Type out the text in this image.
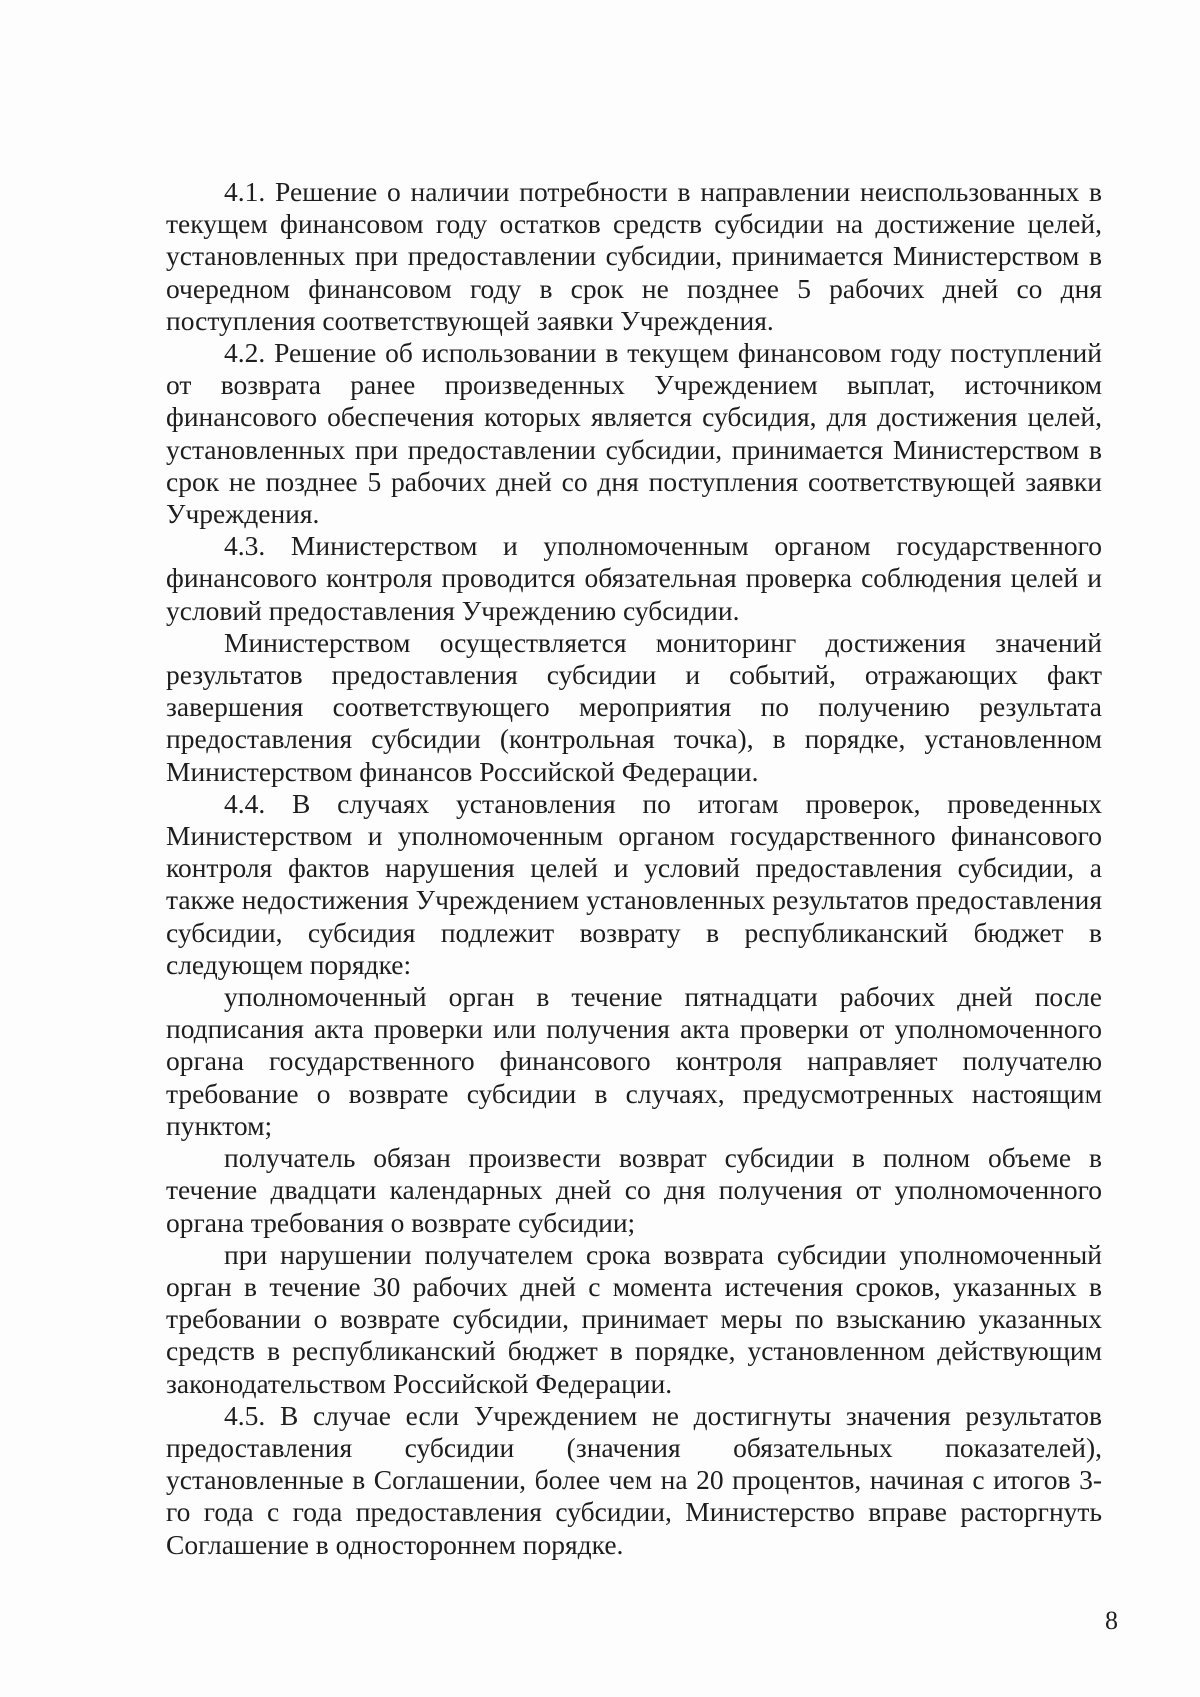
4.1. Решение о наличии потребности в направлении неиспользованных в текущем финансовом году остатков средств субсидии на достижение целей, установленных при предоставлении субсидии, принимается Министерством в очередном финансовом году в срок не позднее 5 рабочих дней со дня поступления соответствующей заявки Учреждения.

4.2. Решение об использовании в текущем финансовом году поступлений от возврата ранее произведенных Учреждением выплат, источником финансового обеспечения которых является субсидия, для достижения целей, установленных при предоставлении субсидии, принимается Министерством в срок не позднее 5 рабочих дней со дня поступления соответствующей заявки Учреждения.

4.3. Министерством и уполномоченным органом государственного финансового контроля проводится обязательная проверка соблюдения целей и условий предоставления Учреждению субсидии.

Министерством осуществляется мониторинг достижения значений результатов предоставления субсидии и событий, отражающих факт завершения соответствующего мероприятия по получению результата предоставления субсидии (контрольная точка), в порядке, установленном Министерством финансов Российской Федерации.

4.4. В случаях установления по итогам проверок, проведенных Министерством и уполномоченным органом государственного финансового контроля фактов нарушения целей и условий предоставления субсидии, а также недостижения Учреждением установленных результатов предоставления субсидии, субсидия подлежит возврату в республиканский бюджет в следующем порядке:

уполномоченный орган в течение пятнадцати рабочих дней после подписания акта проверки или получения акта проверки от уполномоченного органа государственного финансового контроля направляет получателю требование о возврате субсидии в случаях, предусмотренных настоящим пунктом;

получатель обязан произвести возврат субсидии в полном объеме в течение двадцати календарных дней со дня получения от уполномоченного органа требования о возврате субсидии;

при нарушении получателем срока возврата субсидии уполномоченный орган в течение 30 рабочих дней с момента истечения сроков, указанных в требовании о возврате субсидии, принимает меры по взысканию указанных средств в республиканский бюджет в порядке, установленном действующим законодательством Российской Федерации.

4.5. В случае если Учреждением не достигнуты значения результатов предоставления субсидии (значения обязательных показателей), установленные в Соглашении, более чем на 20 процентов, начиная с итогов 3-го года с года предоставления субсидии, Министерство вправе расторгнуть Соглашение в одностороннем порядке.

8
